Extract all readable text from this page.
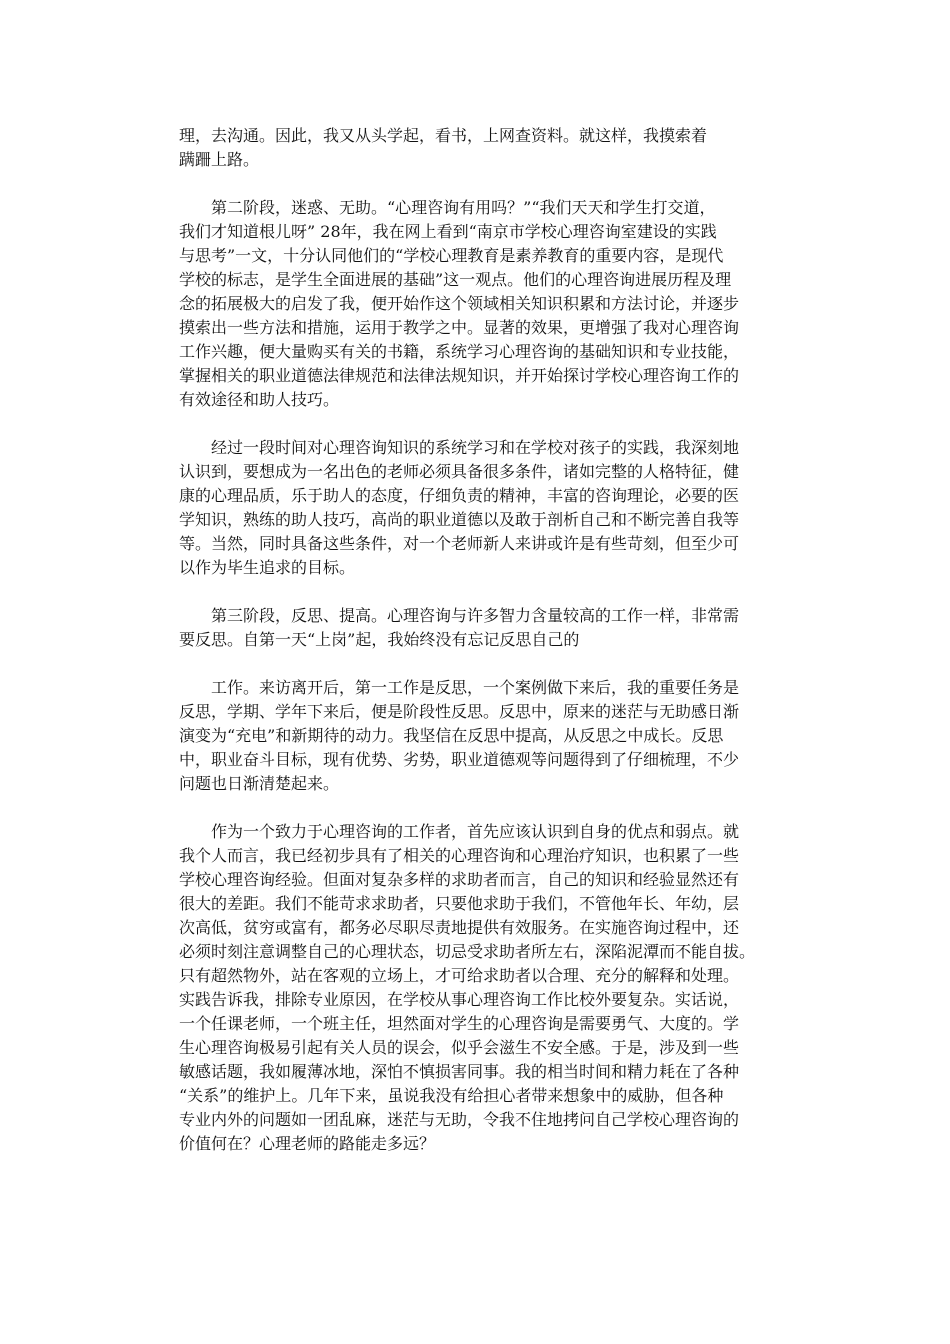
理，去沟通。因此，我又从头学起，看书，上网查资料。就这样，我摸索着
蹒跚上路。

第二阶段，迷惑、无助。“心理咨询有用吗？”“我们天天和学生打交道，
我们才知道根儿呀” 28年，我在网上看到“南京市学校心理咨询室建设的实践
与思考”一文，十分认同他们的“学校心理教育是素养教育的重要内容，是现代
学校的标志，是学生全面进展的基础”这一观点。他们的心理咨询进展历程及理
念的拓展极大的启发了我，便开始作这个领域相关知识积累和方法讨论，并逐步
摸索出一些方法和措施，运用于教学之中。显著的效果，更增强了我对心理咨询
工作兴趣，便大量购买有关的书籍，系统学习心理咨询的基础知识和专业技能，
掌握相关的职业道德法律规范和法律法规知识，并开始探讨学校心理咨询工作的
有效途径和助人技巧。

经过一段时间对心理咨询知识的系统学习和在学校对孩子的实践，我深刻地
认识到，要想成为一名出色的老师必须具备很多条件，诸如完整的人格特征，健
康的心理品质，乐于助人的态度，仔细负责的精神，丰富的咨询理论，必要的医
学知识，熟练的助人技巧，高尚的职业道德以及敢于剖析自己和不断完善自我等
等。当然，同时具备这些条件，对一个老师新人来讲或许是有些苛刻，但至少可
以作为毕生追求的目标。

第三阶段，反思、提高。心理咨询与许多智力含量较高的工作一样，非常需
要反思。自第一天“上岗”起，我始终没有忘记反思自己的

工作。来访离开后，第一工作是反思，一个案例做下来后，我的重要任务是
反思，学期、学年下来后，便是阶段性反思。反思中，原来的迷茫与无助感日渐
演变为“充电”和新期待的动力。我坚信在反思中提高，从反思之中成长。反思
中，职业奋斗目标，现有优势、劣势，职业道德观等问题得到了仔细梳理，不少
问题也日渐清楚起来。

作为一个致力于心理咨询的工作者，首先应该认识到自身的优点和弱点。就
我个人而言，我已经初步具有了相关的心理咨询和心理治疗知识，也积累了一些
学校心理咨询经验。但面对复杂多样的求助者而言，自己的知识和经验显然还有
很大的差距。我们不能苛求求助者，只要他求助于我们，不管他年长、年幼，层
次高低，贫穷或富有，都务必尽职尽责地提供有效服务。在实施咨询过程中，还
必须时刻注意调整自己的心理状态，切忌受求助者所左右，深陷泥潭而不能自拔。
只有超然物外，站在客观的立场上，才可给求助者以合理、充分的解释和处理。
实践告诉我，排除专业原因，在学校从事心理咨询工作比校外要复杂。实话说，
一个任课老师，一个班主任，坦然面对学生的心理咨询是需要勇气、大度的。学
生心理咨询极易引起有关人员的误会，似乎会滋生不安全感。于是，涉及到一些
敏感话题，我如履薄冰地，深怕不慎损害同事。我的相当时间和精力耗在了各种
“关系”的维护上。几年下来，虽说我没有给担心者带来想象中的威胁，但各种
专业内外的问题如一团乱麻，迷茫与无助，令我不住地拷问自己学校心理咨询的
价值何在？心理老师的路能走多远？
